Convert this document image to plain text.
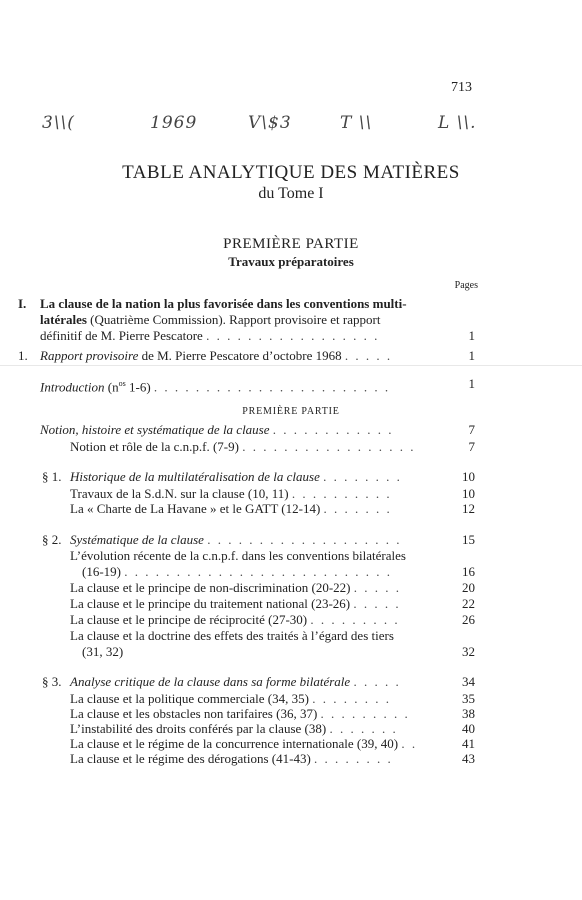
713
3\\(	1969	V\$3	T \\	L \\.
TABLE ANALYTIQUE DES MATIÈRES
du Tome I
PREMIÈRE PARTIE
Travaux préparatoires
Pages
I. La clause de la nation la plus favorisée dans les conventions multi-
latérales (Quatrième Commission). Rapport provisoire et rapport
définitif de M. Pierre Pescatore . . . . . . . . . . . . . . . . .	1
1. Rapport provisoire de M. Pierre Pescatore d’octobre 1968 . . . . .	1
Introduction ($n^{os}$ 1-6) . . . . . . . . . . . . . . . . . . . . . . .	1
PREMIÈRE PARTIE
Notion, histoire et systématique de la clause . . . . . . . . . . . .	7
Notion et rôle de la c.n.p.f. (7-9) . . . . . . . . . . . . . . . . .	7
§ 1. Historique de la multilatéralisation de la clause . . . . . . . .	10
Travaux de la S.d.N. sur la clause (10, 11) . . . . . . . . . .	10
La « Charte de La Havane » et le GATT (12-14) . . . . . . .	12
§ 2. Systématique de la clause . . . . . . . . . . . . . . . . . . .	15
L’évolution récente de la c.n.p.f. dans les conventions bilatérales
(16-19) . . . . . . . . . . . . . . . . . . . . . . . . . .	16
La clause et le principe de non-discrimination (20-22) . . . . .	20
La clause et le principe du traitement national (23-26) . . . . .	22
La clause et le principe de réciprocité (27-30) . . . . . . . . .	26
La clause et la doctrine des effets des traités à l’égard des tiers
(31, 32)	32
§ 3. Analyse critique de la clause dans sa forme bilatérale . . . . .	34
La clause et la politique commerciale (34, 35) . . . . . . . .	35
La clause et les obstacles non tarifaires (36, 37) . . . . . . . . .	38
L’instabilité des droits conférés par la clause (38) . . . . . . .	40
La clause et le régime de la concurrence internationale (39, 40) . .	41
La clause et le régime des dérogations (41-43) . . . . . . . .	43
